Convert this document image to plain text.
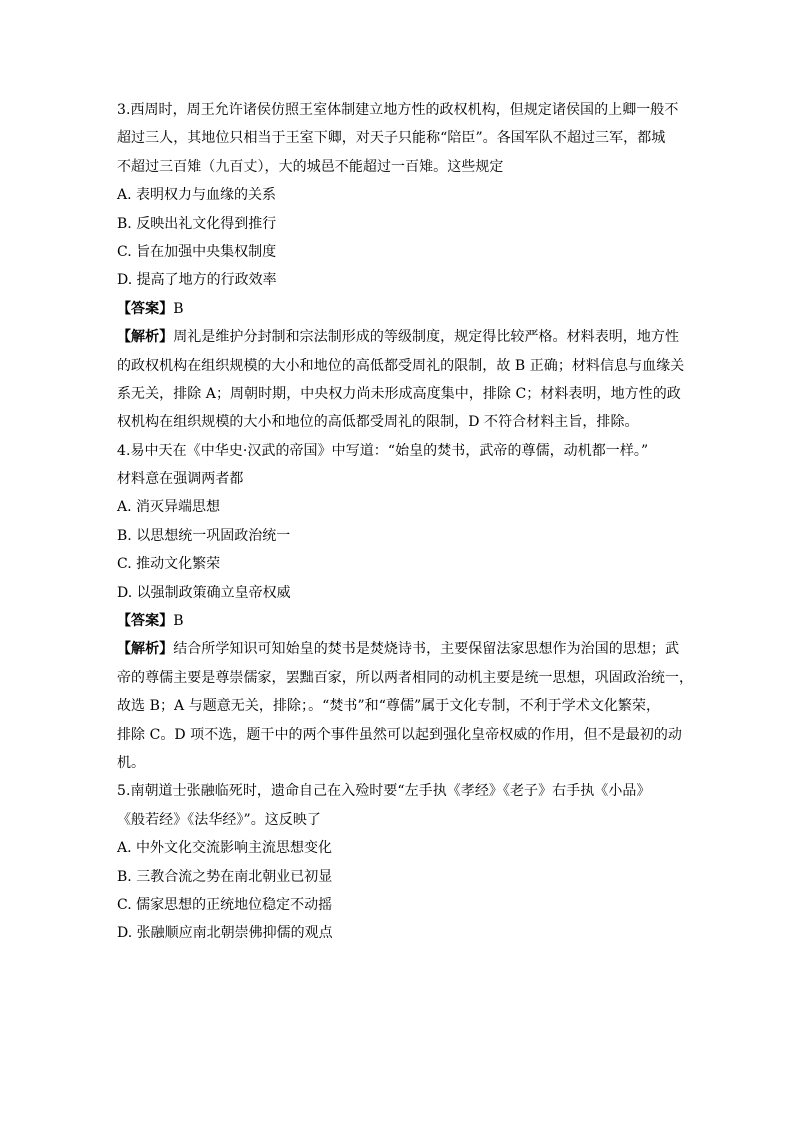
3.西周时，周王允许诸侯仿照王室体制建立地方性的政权机构，但规定诸侯国的上卿一般不
超过三人，其地位只相当于王室下卿，对天子只能称“陪臣”。各国军队不超过三军，都城
不超过三百雉（九百丈），大的城邑不能超过一百雉。这些规定
A. 表明权力与血缘的关系
B. 反映出礼文化得到推行
C. 旨在加强中央集权制度
D. 提高了地方的行政效率
【答案】B
【解析】周礼是维护分封制和宗法制形成的等级制度，规定得比较严格。材料表明，地方性
的政权机构在组织规模的大小和地位的高低都受周礼的限制，故 B 正确；材料信息与血缘关
系无关，排除 A；周朝时期，中央权力尚未形成高度集中，排除 C；材料表明，地方性的政
权机构在组织规模的大小和地位的高低都受周礼的限制，D 不符合材料主旨，排除。
4.易中天在《中华史·汉武的帝国》中写道：“始皇的焚书，武帝的尊儒，动机都一样。”
材料意在强调两者都
A. 消灭异端思想
B. 以思想统一巩固政治统一
C. 推动文化繁荣
D. 以强制政策确立皇帝权威
【答案】B
【解析】结合所学知识可知始皇的焚书是焚烧诗书，主要保留法家思想作为治国的思想；武
帝的尊儒主要是尊崇儒家，罢黜百家，所以两者相同的动机主要是统一思想，巩固政治统一，
故选 B；A 与题意无关，排除；。“焚书”和“尊儒”属于文化专制，不利于学术文化繁荣，
排除 C。D 项不选，题干中的两个事件虽然可以起到强化皇帝权威的作用，但不是最初的动
机。
5.南朝道士张融临死时，遗命自己在入殓时要“左手执《孝经》《老子》右手执《小品》
《般若经》《法华经》”。这反映了
A. 中外文化交流影响主流思想变化
B. 三教合流之势在南北朝业已初显
C. 儒家思想的正统地位稳定不动摇
D. 张融顺应南北朝崇佛抑儒的观点
